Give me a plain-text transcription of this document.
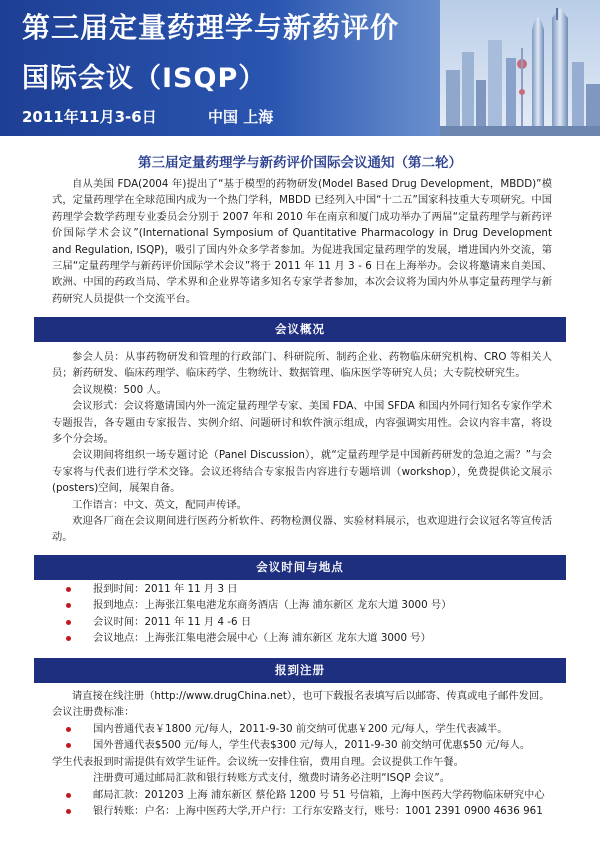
第三届定量药理学与新药评价
国际会议（ISQP）
2011年11月3-6日	中国 上海
第三届定量药理学与新药评价国际会议通知（第二轮）

自从美国 FDA(2004 年)提出了“基于模型的药物研发(Model Based Drug Development，MBDD)”模式，定量药理学在全球范围内成为一个热门学科，MBDD 已经列入中国“十二五”国家科技重大专项研究。中国药理学会数学药理专业委员会分别于 2007 年和 2010 年在南京和厦门成功举办了两届“定量药理学与新药评价国际学术会议”(International Symposium of Quantitative Pharmacology in Drug Development and Regulation, ISQP)，吸引了国内外众多学者参加。为促进我国定量药理学的发展，增进国内外交流，第三届“定量药理学与新药评价国际学术会议”将于 2011 年 11 月 3 - 6 日在上海举办。会议将邀请来自美国、欧洲、中国的药政当局、学术界和企业界等诸多知名专家学者参加，本次会议将为国内外从事定量药理学与新药研究人员提供一个交流平台。

会议概况

参会人员：从事药物研发和管理的行政部门、科研院所、制药企业、药物临床研究机构、CRO 等相关人员；新药研发、临床药理学、临床药学、生物统计、数据管理、临床医学等研究人员；大专院校研究生。

会议规模：500 人。

会议形式：会议将邀请国内外一流定量药理学专家、美国 FDA、中国 SFDA 和国内外同行知名专家作学术专题报告，各专题由专家报告、实例介绍、问题研讨和软件演示组成，内容强调实用性。会议内容丰富，将设多个分会场。

会议期间将组织一场专题讨论（Panel Discussion），就“定量药理学是中国新药研发的急迫之需？”与会专家将与代表们进行学术交锋。会议还将结合专家报告内容进行专题培训（workshop），免费提供论文展示(posters)空间，展架自备。

工作语言：中文、英文，配同声传译。

欢迎各厂商在会议期间进行医药分析软件、药物检测仪器、实验材料展示，也欢迎进行会议冠名等宣传活动。

会议时间与地点
报到时间：2011 年 11 月 3 日
报到地点：上海张江集电港龙东商务酒店（上海 浦东新区 龙东大道 3000 号）
会议时间：2011 年 11 月 4 -6 日
会议地点：上海张江集电港会展中心（上海 浦东新区 龙东大道 3000 号）
报到注册
请直接在线注册（http://www.drugChina.net），也可下载报名表填写后以邮寄、传真或电子邮件发回。
会议注册费标准：
国内普通代表￥1800 元/每人，2011-9-30 前交纳可优惠￥200 元/每人，学生代表减半。
国外普通代表$500 元/每人，学生代表$300 元/每人，2011-9-30 前交纳可优惠$50 元/每人。
学生代表报到时需提供有效学生证件。会议统一安排住宿，费用自理。会议提供工作午餐。
注册费可通过邮局汇款和银行转账方式支付，缴费时请务必注明“ISQP 会议”。
邮局汇款：201203 上海 浦东新区 蔡伦路 1200 号 51 号信箱，上海中医药大学药物临床研究中心
银行转账：户名：上海中医药大学,开户行：工行东安路支行，账号：1001 2391 0900 4636 961
